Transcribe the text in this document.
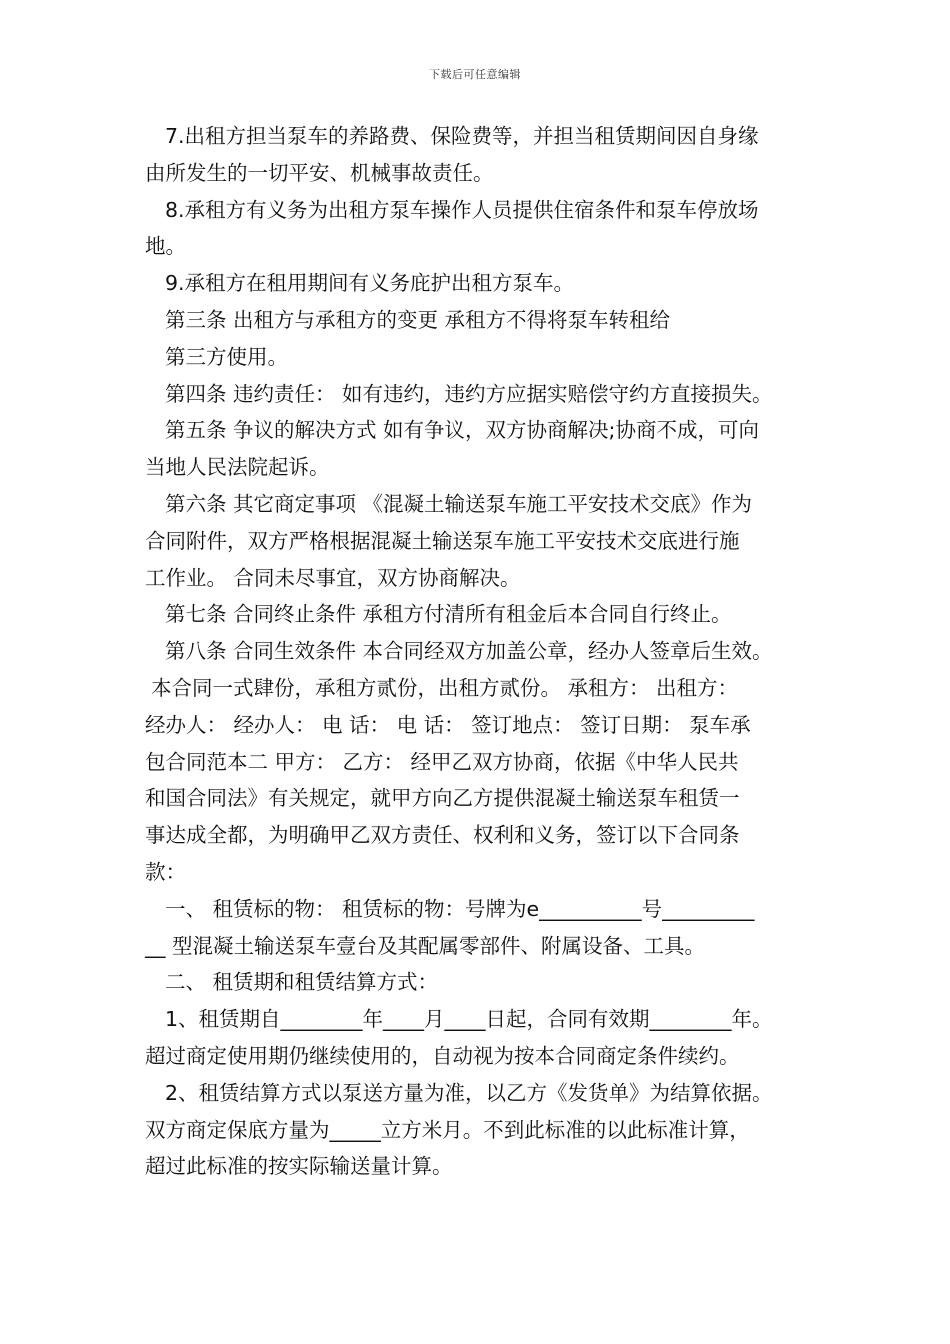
下载后可任意编辑
7.出租方担当泵车的养路费、保险费等，并担当租赁期间因自身缘
由所发生的一切平安、机械事故责任。
8.承租方有义务为出租方泵车操作人员提供住宿条件和泵车停放场
地。
9.承租方在租用期间有义务庇护出租方泵车。
第三条 出租方与承租方的变更 承租方不得将泵车转租给
第三方使用。
第四条 违约责任： 如有违约，违约方应据实赔偿守约方直接损失。
第五条 争议的解决方式 如有争议，双方协商解决;协商不成，可向
当地人民法院起诉。
第六条 其它商定事项 《混凝土输送泵车施工平安技术交底》作为
合同附件，双方严格根据混凝土输送泵车施工平安技术交底进行施
工作业。 合同未尽事宜，双方协商解决。
第七条 合同终止条件 承租方付清所有租金后本合同自行终止。
第八条 合同生效条件 本合同经双方加盖公章，经办人签章后生效。
本合同一式肆份，承租方贰份，出租方贰份。 承租方： 出租方：
经办人： 经办人： 电 话： 电 话： 签订地点： 签订日期： 泵车承
包合同范本二 甲方： 乙方： 经甲乙双方协商，依据《中华人民共
和国合同法》有关规定，就甲方向乙方提供混凝土输送泵车租赁一
事达成全都，为明确甲乙双方责任、权利和义务，签订以下合同条
款：
一、 租赁标的物： 租赁标的物：号牌为e__________号_________
__ 型混凝土输送泵车壹台及其配属零部件、附属设备、工具。
二、 租赁期和租赁结算方式：
1、租赁期自________年____月____日起，合同有效期________年。
超过商定使用期仍继续使用的，自动视为按本合同商定条件续约。
2、租赁结算方式以泵送方量为准，以乙方《发货单》为结算依据。
双方商定保底方量为_____立方米月。不到此标准的以此标准计算，
超过此标准的按实际输送量计算。
